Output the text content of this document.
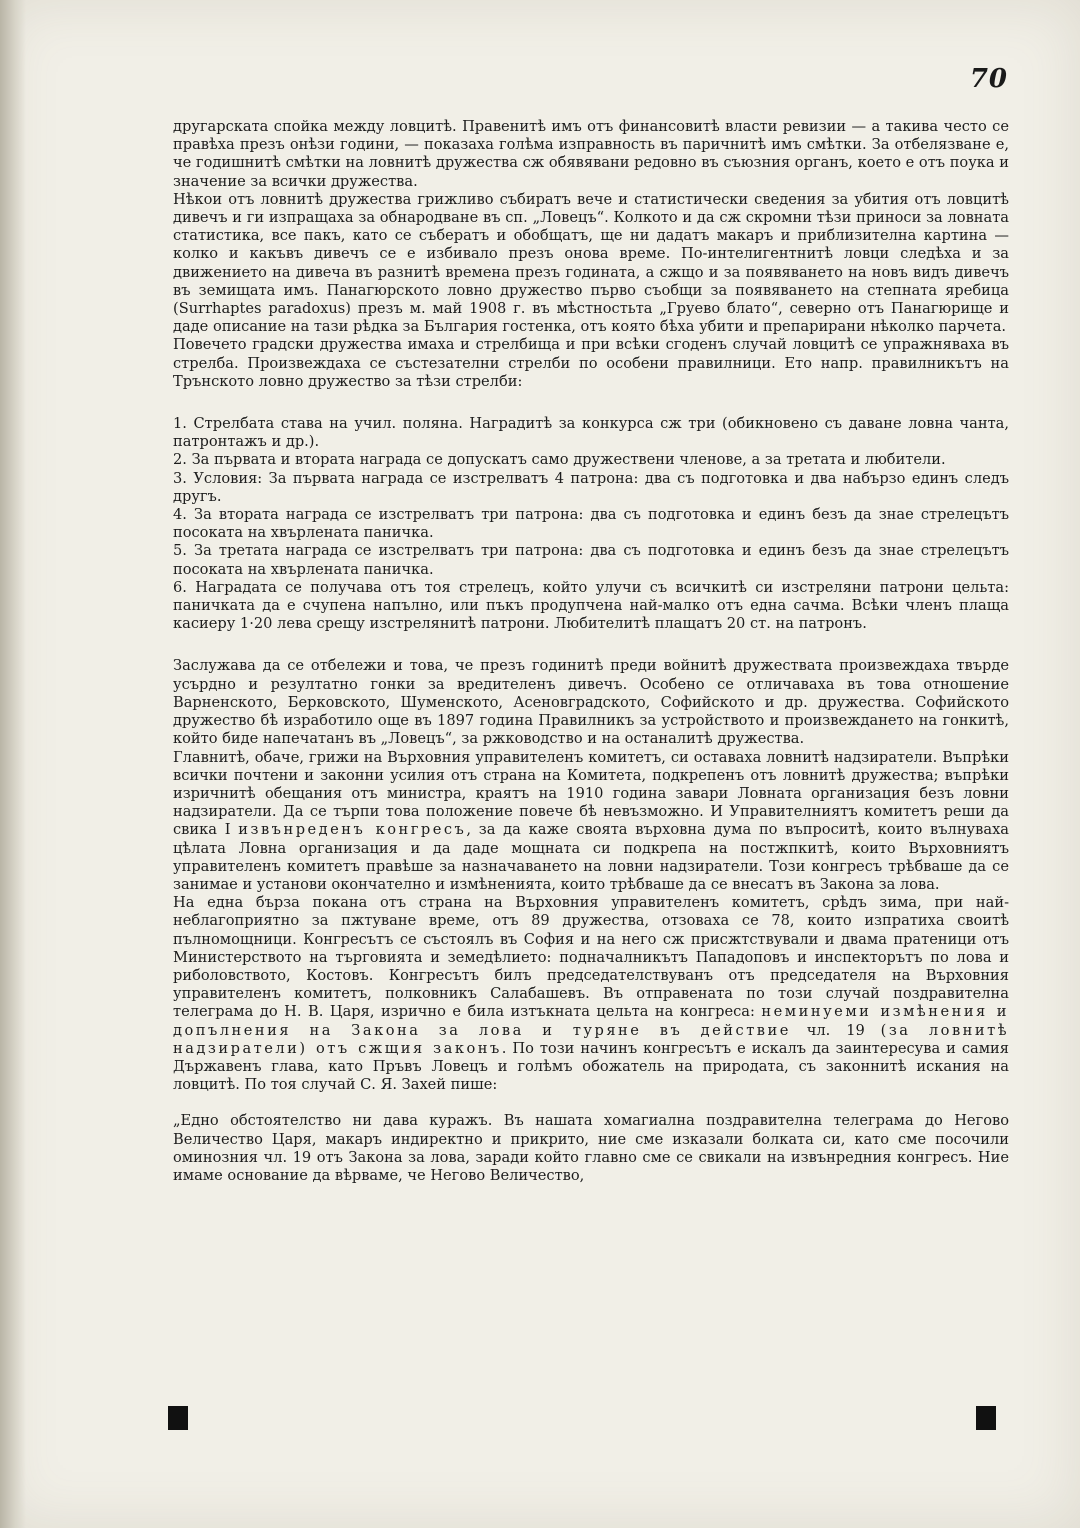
70

другарската спойка между ловцитѣ. Правенитѣ имъ отъ финансовитѣ власти ревизии — а такива често се правѣха презъ онѣзи години, — показаха голѣма изправность въ паричнитѣ имъ смѣтки. За отбелязване е, че годишнитѣ смѣтки на ловнитѣ дружества сж обявявани редовно въ съюзния органъ, което е отъ поука и значение за всички дружества.

Нѣкои отъ ловнитѣ дружества грижливо събиратъ вече и статистически сведения за убития отъ ловцитѣ дивечъ и ги изпращаха за обнародване въ сп. „Ловецъ“. Колкото и да сж скромни тѣзи приноси за ловната статистика, все пакъ, като се събератъ и обобщатъ, ще ни дадатъ макаръ и приблизителна картина — колко и какъвъ дивечъ се е избивало презъ онова време. По-интелигентнитѣ ловци следѣха и за движението на дивеча въ разнитѣ времена презъ годината, а сжщо и за появяването на новъ видъ дивечъ въ земищата имъ. Панагюрското ловно дружество първо съобщи за появяването на степната яребица (Surrhaptes paradoxus) презъ м. май 1908 г. въ мѣстностьта „Груево блато“, северно отъ Панагюрище и даде описание на тази рѣдка за България гостенка, отъ която бѣха убити и препарирани нѣколко парчета.

Повечето градски дружества имаха и стрелбища и при всѣки сгоденъ случай ловцитѣ се упражняваха въ стрелба. Произвеждаха се състезателни стрелби по особени правилници. Ето напр. правилникътъ на Трънското ловно дружество за тѣзи стрелби:

1. Стрелбата става на учил. поляна. Наградитѣ за конкурса сж три (обикновено съ даване ловна чанта, патронтажъ и др.).

2. За първата и втората награда се допускатъ само дружествени членове, а за третата и любители.

3. Условия: За първата награда се изстрелватъ 4 патрона: два съ подготовка и два набързо единъ следъ другъ.

4. За втората награда се изстрелватъ три патрона: два съ подготовка и единъ безъ да знае стрелецътъ посоката на хвърлената паничка.

5. За третата награда се изстрелватъ три патрона: два съ подготовка и единъ безъ да знае стрелецътъ посоката на хвърлената паничка.

6. Наградата се получава отъ тоя стрелецъ, който улучи съ всичкитѣ си изстреляни патрони цельта: паничката да е счупена напълно, или пъкъ продупчена най-малко отъ една сачма. Всѣки членъ плаща касиеру 1·20 лева срещу изстрелянитѣ патрони. Любителитѣ плащатъ 20 ст. на патронъ.

Заслужава да се отбележи и това, че презъ годинитѣ преди войнитѣ дружествата произвеждаха твърде усърдно и резултатно гонки за вредителенъ дивечъ. Особено се отличаваха въ това отношение Варненското, Берковското, Шуменското, Асеновградското, Софийското и др. дружества. Софийското дружество бѣ изработило още въ 1897 година Правилникъ за устройството и произвеждането на гонкитѣ, който биде напечатанъ въ „Ловецъ“, за ржководство и на останалитѣ дружества.

Главнитѣ, обаче, грижи на Върховния управителенъ комитетъ, си оставаха ловнитѣ надзиратели. Въпрѣки всички почтени и законни усилия отъ страна на Комитета, подкрепенъ отъ ловнитѣ дружества; въпрѣки изричнитѣ обещания отъ министра, краятъ на 1910 година завари Ловната организация безъ ловни надзиратели. Да се търпи това положение повече бѣ невъзможно. И Управителниятъ комитетъ реши да свика I извънреденъ конгресъ, за да каже своята върховна дума по въпроситѣ, които вълнуваха цѣлата Ловна организация и да даде мощната си подкрепа на постжпкитѣ, които Върховниятъ управителенъ комитетъ правѣше за назначаването на ловни надзиратели. Този конгресъ трѣбваше да се занимае и установи окончателно и измѣненията, които трѣбваше да се внесатъ въ Закона за лова.

На една бърза покана отъ страна на Върховния управителенъ комитетъ, срѣдъ зима, при най-неблагоприятно за пжтуване време, отъ 89 дружества, отзоваха се 78, които изпратиха своитѣ пълномощници. Конгресътъ се състоялъ въ София и на него сж присжтствували и двама пратеници отъ Министерството на търговията и земедѣлието: подначалникътъ Пападоповъ и инспекторътъ по лова и риболовството, Костовъ. Конгресътъ билъ председателствуванъ отъ председателя на Върховния управителенъ комитетъ, полковникъ Салабашевъ. Въ отправената по този случай поздравителна телеграма до Н. В. Царя, изрично е била изтъкната цельта на конгреса: неминуеми измѣнения и допълнения на Закона за лова и туряне въ действие чл. 19 (за ловнитѣ надзиратели) отъ сжщия законъ. По този начинъ конгресътъ е искалъ да заинтересува и самия Държавенъ глава, като Пръвъ Ловецъ и голѣмъ обожатель на природата, съ законнитѣ искания на ловцитѣ. По тоя случай С. Я. Захей пише:

„Едно обстоятелство ни дава куражъ. Въ нашата хомагиална поздравителна телеграма до Негово Величество Царя, макаръ индиректно и прикрито, ние сме изказали болката си, като сме посочили оминозния чл. 19 отъ Закона за лова, заради който главно сме се свикали на извънредния конгресъ. Ние имаме основание да вѣрваме, че Негово Величество,
